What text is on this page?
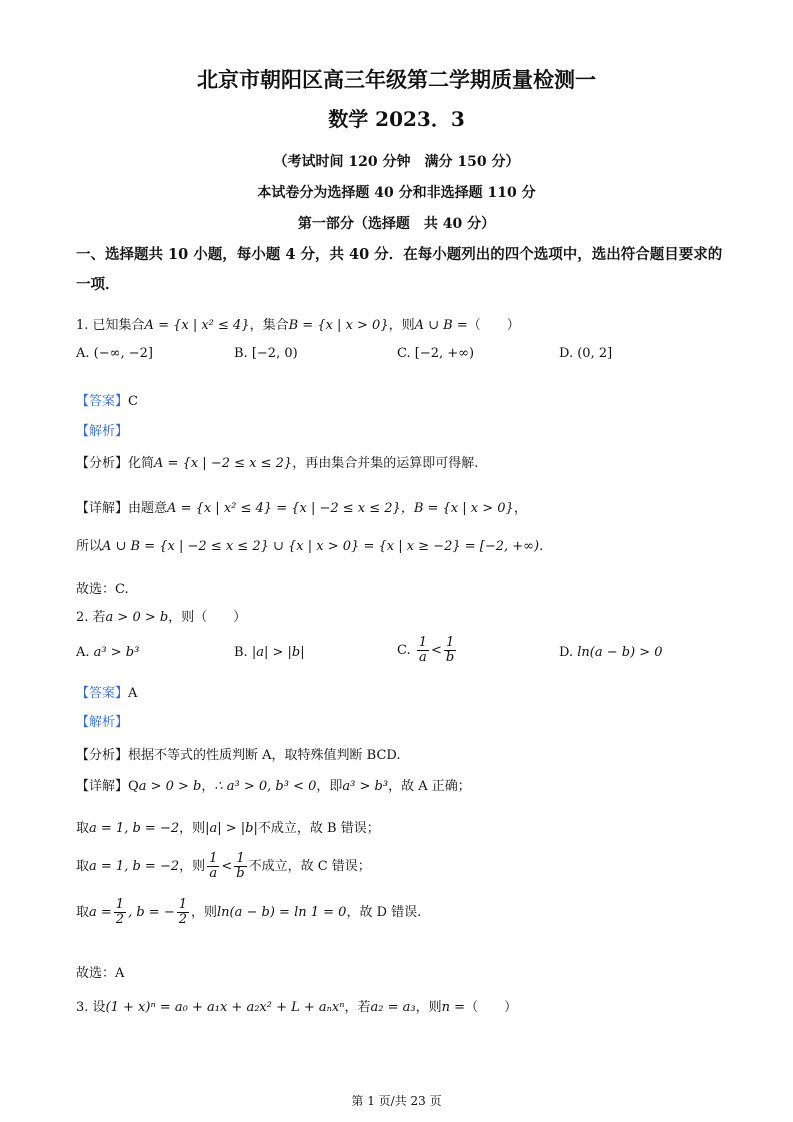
北京市朝阳区高三年级第二学期质量检测一
数学 2023．3
（考试时间 120 分钟　满分 150 分）
本试卷分为选择题 40 分和非选择题 110 分
第一部分（选择题　共 40 分）
一、选择题共 10 小题，每小题 4 分，共 40 分．在每小题列出的四个选项中，选出符合题目要求的一项．
1. 已知集合A = {x | x² ≤ 4}，集合B = {x | x > 0}，则A ∪ B =（　　）
A. (−∞, −2]	B. [−2, 0)	C. [−2, +∞)	D. (0, 2]
【答案】C
【解析】
【分析】化简A = {x | −2 ≤ x ≤ 2}，再由集合并集的运算即可得解.
【详解】由题意A = {x | x² ≤ 4} = {x | −2 ≤ x ≤ 2}，B = {x | x > 0}，
所以A ∪ B = {x | −2 ≤ x ≤ 2} ∪ {x | x > 0} = {x | x ≥ −2} = [−2, +∞).
故选：C.
2. 若a > 0 > b，则（　　）
A. a³ > b³	B. |a| > |b|	C. $\frac{1}{a} < \frac{1}{b}$	D. ln(a − b) > 0
【答案】A
【解析】
【分析】根据不等式的性质判断 A，取特殊值判断 BCD.
【详解】Qa > 0 > b，∴ a³ > 0, b³ < 0，即a³ > b³，故 A 正确；
取a = 1, b = −2，则|a| > |b|不成立，故 B 错误；
取a = 1, b = −2，则 $\frac{1}{a} < \frac{1}{b}$ 不成立，故 C 错误；
取$a = \frac{1}{2}$ , b = − $\frac{1}{2}$ ，则ln(a − b) = ln 1 = 0，故 D 错误.
故选：A
3. 设(1 + x)ⁿ = a₀ + a₁x + a₂x² + L + aₙxⁿ，若a₂ = a₃，则n =（　　）
第 1 页/共 23 页
